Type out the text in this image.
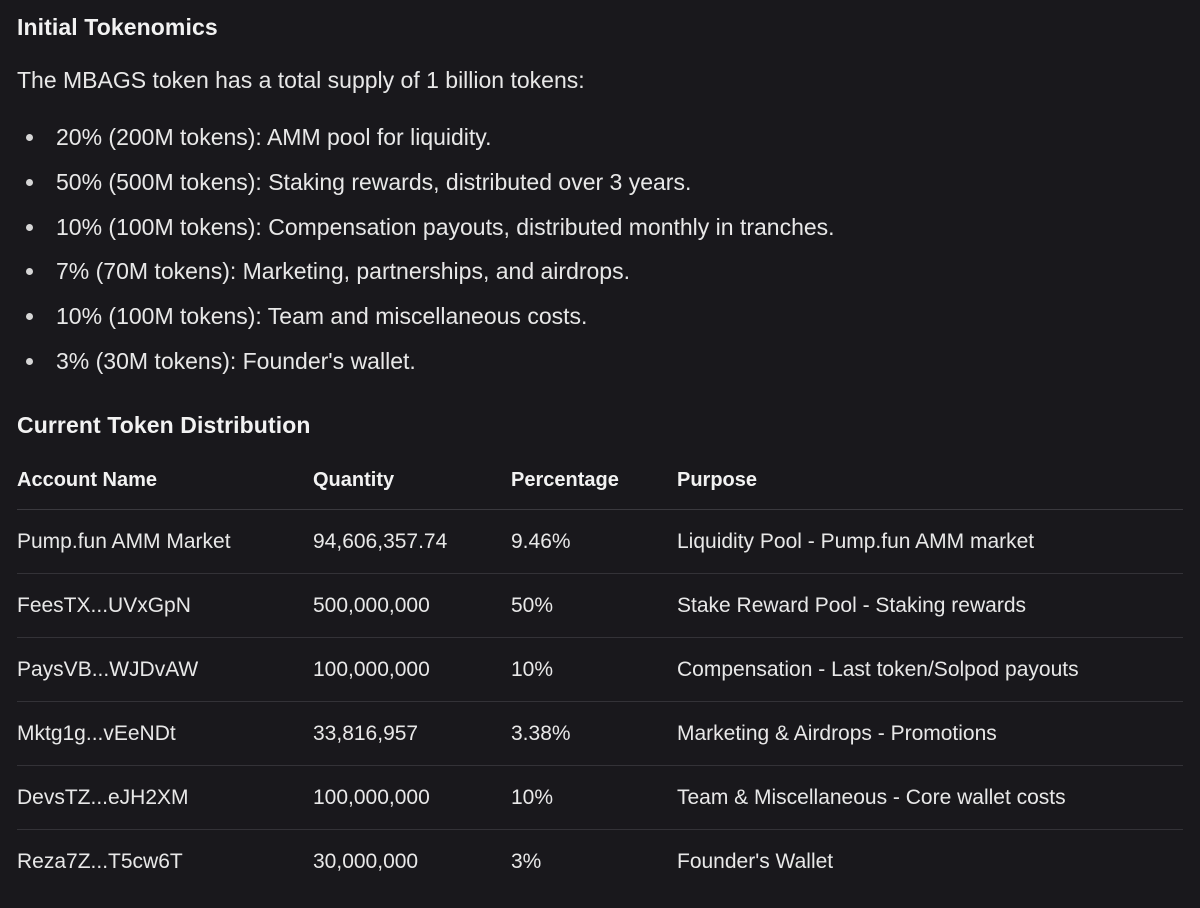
Initial Tokenomics

The MBAGS token has a total supply of 1 billion tokens:

20% (200M tokens): AMM pool for liquidity.
50% (500M tokens): Staking rewards, distributed over 3 years.
10% (100M tokens): Compensation payouts, distributed monthly in tranches.
7% (70M tokens): Marketing, partnerships, and airdrops.
10% (100M tokens): Team and miscellaneous costs.
3% (30M tokens): Founder's wallet.
Current Token Distribution
Account Name	Quantity	Percentage	Purpose
Pump.fun AMM Market	94,606,357.74	9.46%	Liquidity Pool - Pump.fun AMM market
FeesTX...UVxGpN	500,000,000	50%	Stake Reward Pool - Staking rewards
PaysVB...WJDvAW	100,000,000	10%	Compensation - Last token/Solpod payouts
Mktg1g...vEeNDt	33,816,957	3.38%	Marketing & Airdrops - Promotions
DevsTZ...eJH2XM	100,000,000	10%	Team & Miscellaneous - Core wallet costs
Reza7Z...T5cw6T	30,000,000	3%	Founder's Wallet
